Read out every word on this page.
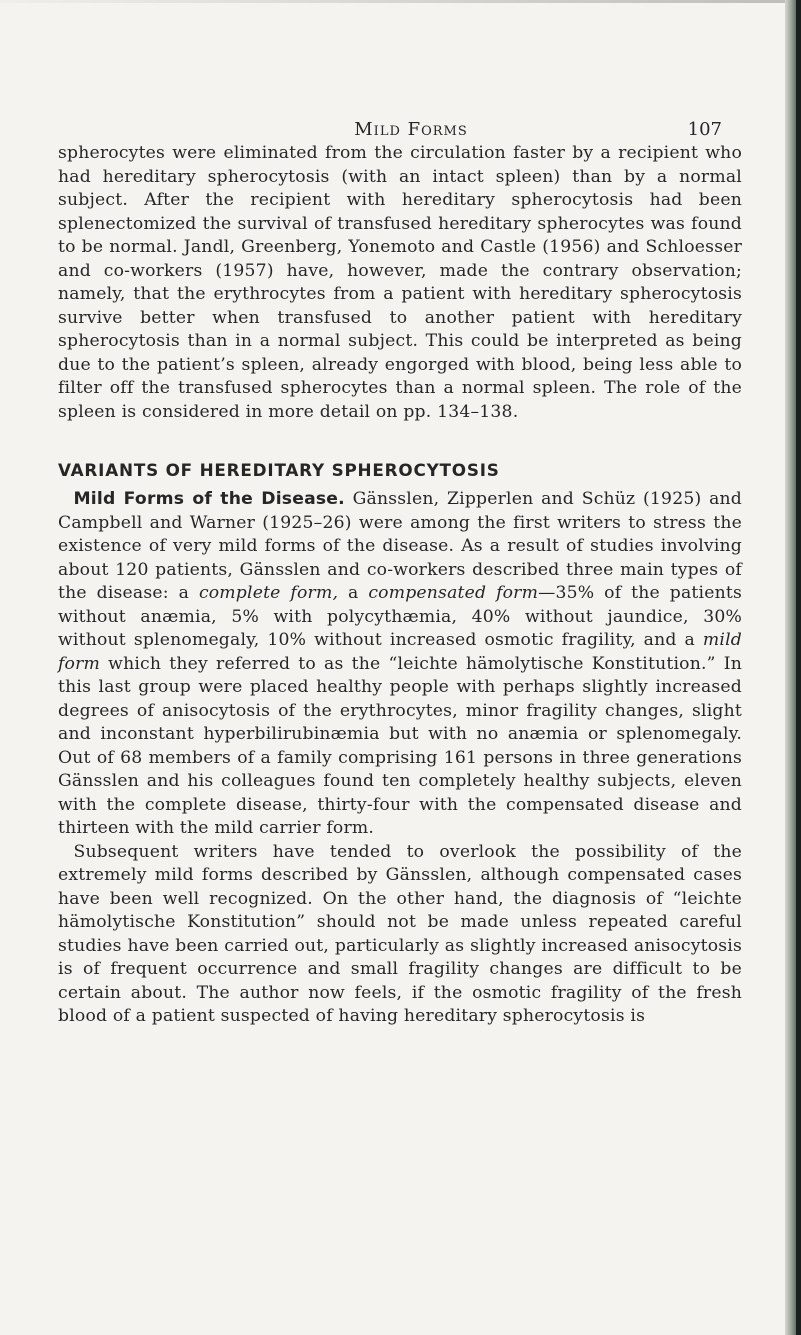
Mild Forms	107

spherocytes were eliminated from the circulation faster by a recipient who had hereditary spherocytosis (with an intact spleen) than by a normal subject. After the recipient with hereditary spherocytosis had been splenectomized the survival of transfused hereditary spherocytes was found to be normal. Jandl, Greenberg, Yonemoto and Castle (1956) and Schloesser and co-workers (1957) have, however, made the contrary observation; namely, that the erythrocytes from a patient with hereditary spherocytosis survive better when transfused to another patient with hereditary spherocytosis than in a normal subject. This could be interpreted as being due to the patient’s spleen, already engorged with blood, being less able to filter off the transfused spherocytes than a normal spleen. The role of the spleen is considered in more detail on pp. 134–138.

VARIANTS OF HEREDITARY SPHEROCYTOSIS

Mild Forms of the Disease. Gänsslen, Zipperlen and Schüz (1925) and Campbell and Warner (1925–26) were among the first writers to stress the existence of very mild forms of the disease. As a result of studies involving about 120 patients, Gänsslen and co-workers described three main types of the disease: a complete form, a compensated form—35% of the patients without anæmia, 5% with polycythæmia, 40% without jaundice, 30% without splenomegaly, 10% without increased osmotic fragility, and a mild form which they referred to as the “leichte hämolytische Konstitution.” In this last group were placed healthy people with perhaps slightly increased degrees of anisocytosis of the erythrocytes, minor fragility changes, slight and inconstant hyperbilirubinæmia but with no anæmia or splenomegaly. Out of 68 members of a family comprising 161 persons in three generations Gänsslen and his colleagues found ten completely healthy subjects, eleven with the complete disease, thirty-four with the compensated disease and thirteen with the mild carrier form.

Subsequent writers have tended to overlook the possibility of the extremely mild forms described by Gänsslen, although compensated cases have been well recognized. On the other hand, the diagnosis of “leichte hämolytische Konstitution” should not be made unless repeated careful studies have been carried out, particularly as slightly increased anisocytosis is of frequent occurrence and small fragility changes are difficult to be certain about. The author now feels, if the osmotic fragility of the fresh blood of a patient suspected of having hereditary spherocytosis is
